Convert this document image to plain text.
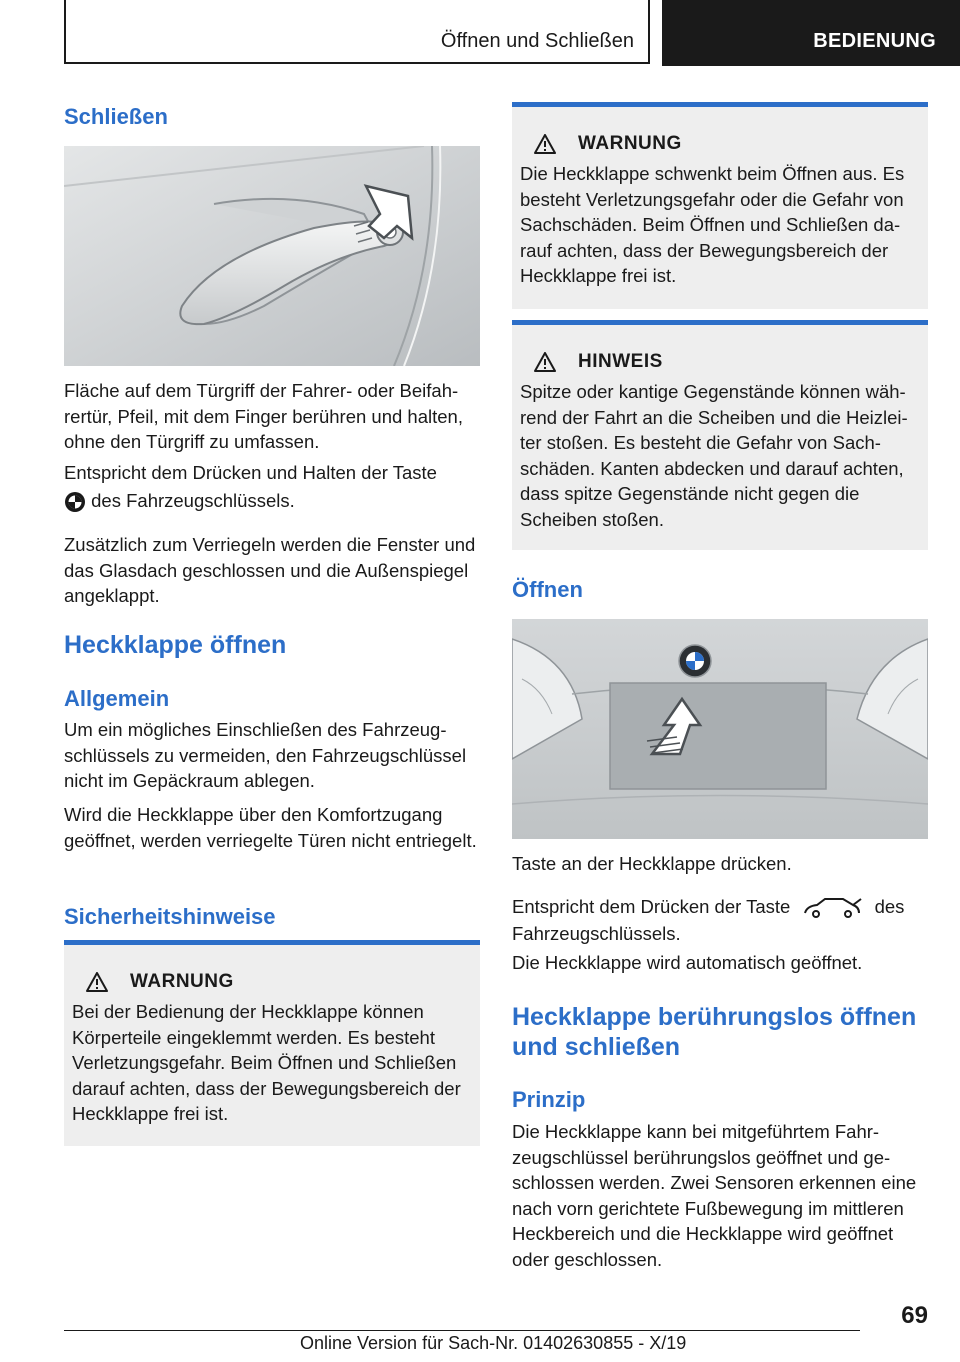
Öffnen und Schließen	BEDIENUNG
Schließen

Fläche auf dem Türgriff der Fahrer- oder Beifahrertür, Pfeil, mit dem Finger berühren und halten, ohne den Türgriff zu umfassen.

Entspricht dem Drücken und Halten der Taste

des Fahrzeugschlüssels.

Zusätzlich zum Verriegeln werden die Fenster und das Glasdach geschlossen und die Außenspiegel angeklappt.

Heckklappe öffnen
Allgemein

Um ein mögliches Einschließen des Fahrzeugschlüssels zu vermeiden, den Fahrzeugschlüssel nicht im Gepäckraum ablegen.

Wird die Heckklappe über den Komfortzugang geöffnet, werden verriegelte Türen nicht entriegelt.

Sicherheitshinweise
WARNUNG

Bei der Bedienung der Heckklappe können Körperteile eingeklemmt werden. Es besteht Verletzungsgefahr. Beim Öffnen und Schließen darauf achten, dass der Bewegungsbereich der Heckklappe frei ist.

WARNUNG

Die Heckklappe schwenkt beim Öffnen aus. Es besteht Verletzungsgefahr oder die Gefahr von Sachschäden. Beim Öffnen und Schließen darauf achten, dass der Bewegungsbereich der Heckklappe frei ist.

HINWEIS

Spitze oder kantige Gegenstände können während der Fahrt an die Scheiben und die Heizleiter stoßen. Es besteht die Gefahr von Sachschäden. Kanten abdecken und darauf achten, dass spitze Gegenstände nicht gegen die Scheiben stoßen.

Öffnen

Taste an der Heckklappe drücken.

Entspricht dem Drücken der Taste	des Fahrzeugschlüssels.

Die Heckklappe wird automatisch geöffnet.

Heckklappe berührungslos öffnen und schließen
Prinzip

Die Heckklappe kann bei mitgeführtem Fahrzeugschlüssel berührungslos geöffnet und geschlossen werden. Zwei Sensoren erkennen eine nach vorn gerichtete Fußbewegung im mittleren Heckbereich und die Heckklappe wird geöffnet oder geschlossen.

69
Online Version für Sach-Nr. 01402630855 - X/19
